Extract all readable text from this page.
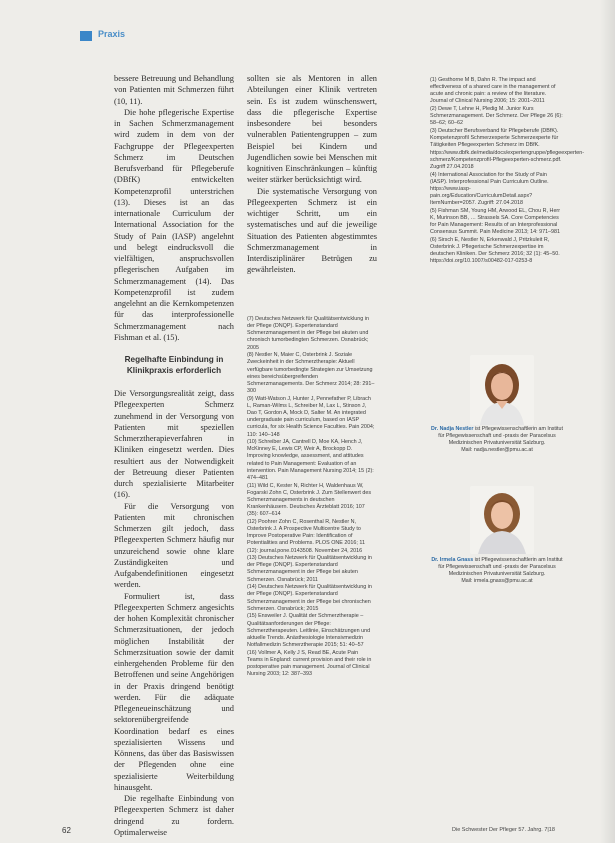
Praxis

bessere Betreuung und Behandlung von Patienten mit Schmerzen führt (10, 11).

Die hohe pflegerische Expertise in Sachen Schmerzmanagement wird zudem in dem von der Fachgruppe der Pflegeexperten Schmerz im Deutschen Berufsverband für Pflegeberufe (DBfK) entwickelten Kompetenzprofil unterstrichen (13). Dieses ist an das internationale Curriculum der International Association for the Study of Pain (IASP) angelehnt und belegt eindrucksvoll die vielfältigen, anspruchsvollen pflegerischen Aufgaben im Schmerzmanagement (14). Das Kompetenzprofil ist zudem angelehnt an die Kernkompetenzen für das interprofessionelle Schmerzmanagement nach Fishman et al. (15).

Regelhafte Einbindung in Klinikpraxis erforderlich

Die Versorgungsrealität zeigt, dass Pflegeexperten Schmerz zunehmend in der Versorgung von Patienten mit speziellen Schmerztherapieverfahren in Kliniken eingesetzt werden. Dies resultiert aus der Notwendigkeit der Betreuung dieser Patienten durch spezialisierte Mitarbeiter (16).

Für die Versorgung von Patienten mit chronischen Schmerzen gilt jedoch, dass Pflegeexperten Schmerz häufig nur unzureichend sowie ohne klare Zuständigkeiten und Aufgabendefinitionen eingesetzt werden.

Formuliert ist, dass Pflegeexperten Schmerz angesichts der hohen Komplexität chronischer Schmerzsituationen, der jedoch möglichen Instabilität der Schmerzsituation sowie der damit einhergehenden Probleme für den Betroffenen und seine Angehörigen in der Praxis dringend benötigt werden. Für die adäquate Pflegeneueinschätzung und sektorenübergreifende Koordination bedarf es eines spezialisierten Wissens und Könnens, das über das Basiswissen der Pflegenden ohne eine spezialisierte Weiterbildung hinausgeht.

Die regelhafte Einbindung von Pflegeexperten Schmerz ist daher dringend zu fordern. Optimalerweise

sollten sie als Mentoren in allen Abteilungen einer Klinik vertreten sein. Es ist zudem wünschenswert, dass die pflegerische Expertise insbesondere bei besonders vulnerablen Patientengruppen – zum Beispiel bei Kindern und Jugendlichen sowie bei Menschen mit kognitiven Einschränkungen – künftig weiter stärker berücksichtigt wird.

Die systematische Versorgung von Pflegeexperten Schmerz ist ein wichtiger Schritt, um ein systematisches und auf die jeweilige Situation des Patienten abgestimmtes Schmerzmanagement in Interdisziplinärer Betrügen zu gewährleisten.

(7) Deutsches Netzwerk für Qualitätsentwicklung in der Pflege (DNQP). Expertenstandard Schmerzmanagement in der Pflege bei akuten und chronisch tumorbedingten Schmerzen. Osnabrück; 2005
(8) Nestler N, Maier C, Osterbrink J. Soziale Zweckeinheit in der Schmerztherapie: Aktuell verfügbare tumorbedingte Strategien zur Umsetzung eines bereichsübergreifenden Schmerzmanagements. Der Schmerz 2014; 28: 291–300
(9) Watt-Watson J, Hunter J, Pennefather P, Librach L, Raman-Wilms L, Schreiber M, Lax L, Stinson J, Dao T, Gordon A, Mock D, Salter M. An integrated undergraduate pain curriculum, based on IASP curricula, for six Health Science Faculties. Pain 2004; 110: 140–148
(10) Schreiber JA, Cantrell D, Moe KA, Hench J, McKinney E, Lewis CP, Weir A, Brockopp D. Improving knowledge, assessment, and attitudes related to Pain Management: Evaluation of an intervention. Pain Management Nursing 2014; 15 (2): 474–481
(11) Wild C, Kester N, Richter H, Waldenhaus W, Fogarski Zohn C, Osterbrink J. Zum Stellenwert des Schmerzmanagements in deutschen Krankenhäusern. Deutsches Ärzteblatt 2016; 107 (35): 607–614
(12) Poohrer Zohn C, Rosenthal R, Nestler N, Osterbrink J. A Prospective Multicentre Study to Improve Postoperative Pain: Identification of Potentialities and Problems. PLOS ONE 2016; 11 (12): journal.pone.0143508. November 24, 2016
(13) Deutsches Netzwerk für Qualitätsentwicklung in der Pflege (DNQP). Expertenstandard Schmerzmanagement in der Pflege bei akuten Schmerzen. Osnabrück; 2011
(14) Deutsches Netzwerk für Qualitätsentwicklung in der Pflege (DNQP). Expertenstandard Schmerzmanagement in der Pflege bei chronischen Schmerzen. Osnabrück; 2015
(15) Ensweiler J. Qualität der Schmerztherapie – Qualitätsanforderungen der Pflege: Schmerztherapeuten. Leitlinie, Einschätzungen und aktuelle Trends. Anästhesiologie Intensivmedizin Notfallmedizin Schmerztherapie 2015; 51: 40–57
(16) Vollmer A, Kelly J S, Read BE, Acute Pain Teams in England: current provision and their role in postoperative pain management. Journal of Clinical Nursing 2003; 12: 387–393
(1) Gesthorne M B, Dahn R. The impact and effectiveness of a shared care in the management of acute and chronic pain: a review of the literature. Journal of Clinical Nursing 2006; 15: 2001–2011
(2) Dewe T, Lehne H, Pledig M. Junior Kurs Schmerzmanagement. Der Schmerz. Der Pflege 26 (6): 58–62; 60–62
(3) Deutscher Berufsverband für Pflegeberufe (DBfK). Kompetenzprofil Schmerzexperte Schmerzexperte für Tätigkeiten Pflegeexperten Schmerz im DBfK. https://www.dbfk.de/media/docs/expertengruppe/pflegeexperten-schmerz/Kompetenzprofil-Pflegeexperten-schmerz.pdf. Zugriff 27.04.2018
(4) International Association for the Study of Pain (IASP). Interprofessional Pain Curriculum Outline. https://www.iasp-pain.org/Education/CurriculumDetail.aspx?ItemNumber=2057. Zugriff: 27.04.2018
(5) Fishman SM, Young HM, Arwood EL, Chou R, Herr K, Murinson BB, … Strassels SA. Core Competencies for Pain Management: Results of an Interprofessional Consensus Summit. Pain Medicine 2013; 14: 971–981
(6) Sirsch E, Nestler N, Erkenwald J, Pritzkuleit R, Osterbrink J. Pflegerische Schmerzexpertise im deutschen Kliniken. Der Schmerz 2016; 32 (1): 45–50. https://doi.org/10.1007/s00482-017-0253-8
Dr. Nadja Nestler ist Pflegewissenschaftlerin am Institut für Pflegewissenschaft und -praxis der Paracelsus Medizinischen Privatuniversität Salzburg.
Mail: nadja.nestler@pmu.ac.at
Dr. Irmela Gnass ist Pflegewissenschaftlerin am Institut für Pflegewissenschaft und -praxis der Paracelsus Medizinischen Privatuniversität Salzburg.
Mail: irmela.gnass@pmu.ac.at
62	Die Schwester Der Pfleger 57. Jahrg. 7|18
